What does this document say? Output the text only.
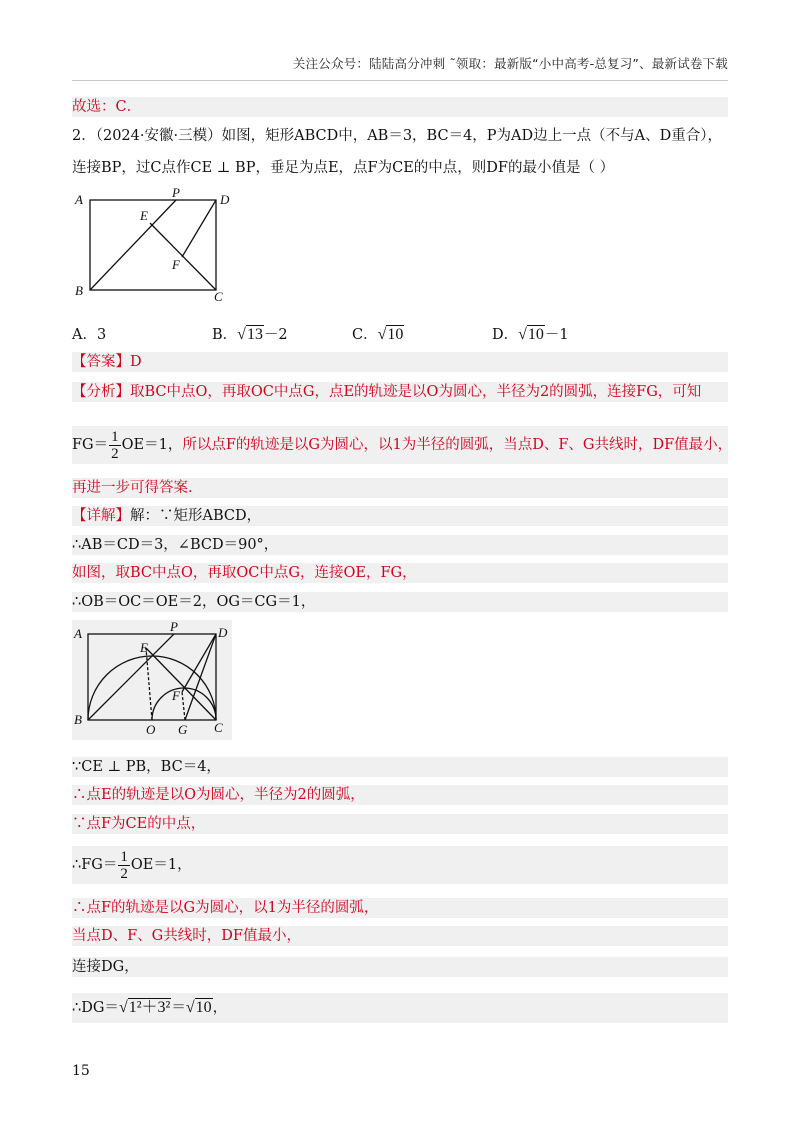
关注公众号：陆陆高分冲刺 ˜领取：最新版“小中高考-总复习”、最新试卷下载
故选：C．
2．（2024·安徽·三模）如图，矩形ABCD中，AB＝3，BC＝4，P为AD边上一点（不与A、D重合），
连接BP，过C点作CE ⊥ BP，垂足为点E，点F为CE的中点，则DF的最小值是（ ）
A	P	D
E
F
B	C
A．3	B．√13－2	C．√10	D．√10－1
【答案】D
【分析】取BC中点O，再取OC中点G，点E的轨迹是以O为圆心，半径为2的圆弧，连接FG，可知
$FG= \frac{1}{2} OE=1$，所以点F的轨迹是以G为圆心，以1为半径的圆弧，当点D、F、G共线时，DF值最小，
再进一步可得答案.
【详解】解：∵矩形ABCD，
∴AB＝CD＝3，∠BCD＝90°，
如图，取BC中点O，再取OC中点G，连接OE，FG，
∴OB＝OC＝OE＝2，OG＝CG＝1，
A	P	D
E
F
B
C
O G
∵CE ⊥ PB，BC＝4，
∴点E的轨迹是以O为圆心，半径为2的圆弧，
∵点F为CE的中点，
∴FG＝ $\frac{1}{2} OE=1$，
∴点F的轨迹是以G为圆心，以1为半径的圆弧，
当点D、F、G共线时，DF值最小，
连接DG，
∴DG＝√1²＋3²＝√10，
15
